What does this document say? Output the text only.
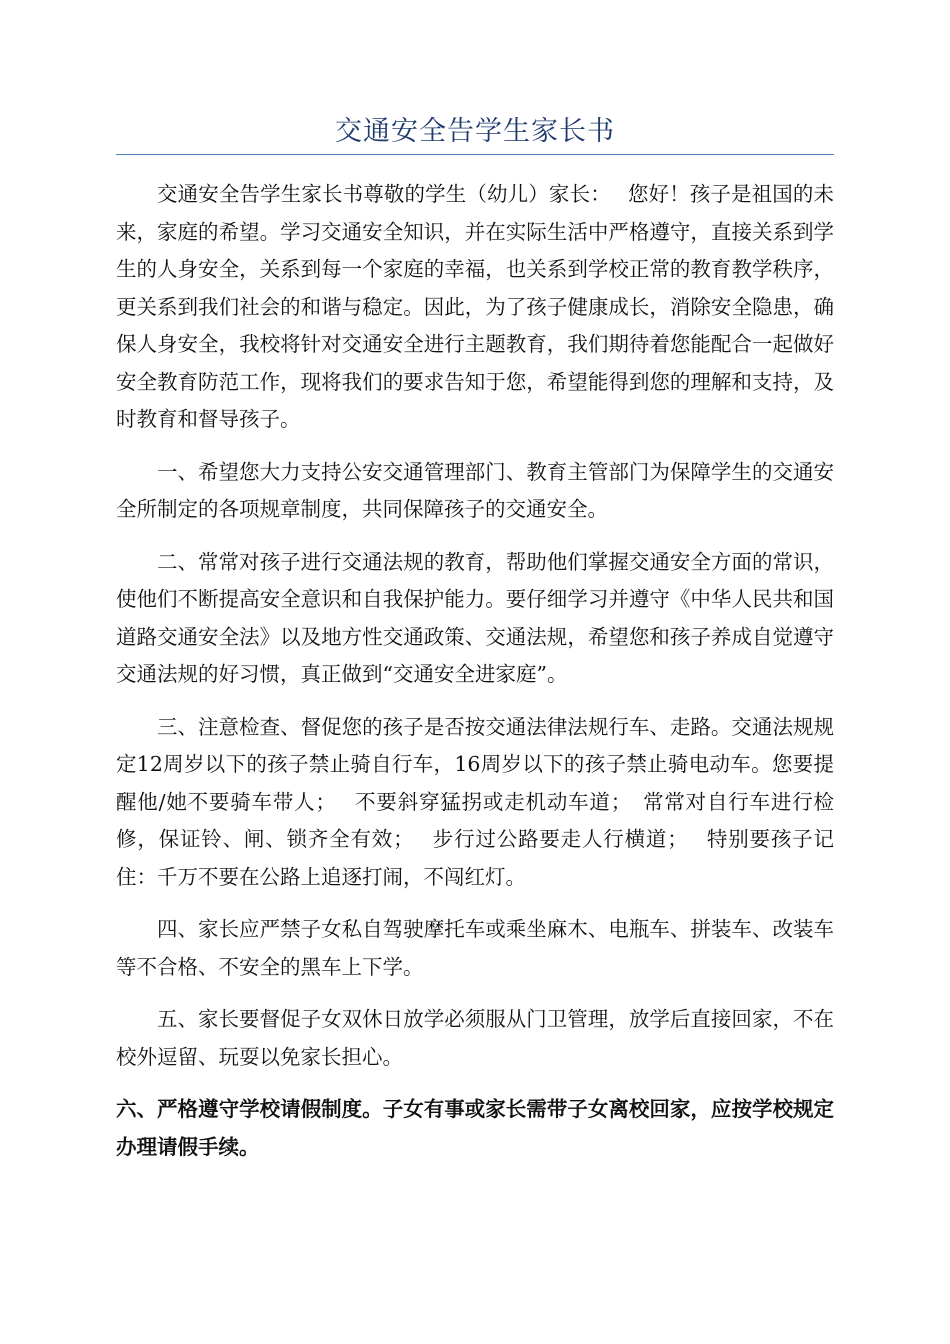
交通安全告学生家长书

交通安全告学生家长书尊敬的学生（幼儿）家长：　 您好！孩子是祖国的未来，家庭的希望。学习交通安全知识，并在实际生活中严格遵守，直接关系到学生的人身安全，关系到每一个家庭的幸福，也关系到学校正常的教育教学秩序，更关系到我们社会的和谐与稳定。因此，为了孩子健康成长，消除安全隐患，确保人身安全，我校将针对交通安全进行主题教育，我们期待着您能配合一起做好安全教育防范工作，现将我们的要求告知于您，希望能得到您的理解和支持，及时教育和督导孩子。

一、希望您大力支持公安交通管理部门、教育主管部门为保障学生的交通安全所制定的各项规章制度，共同保障孩子的交通安全。

二、常常对孩子进行交通法规的教育，帮助他们掌握交通安全方面的常识，使他们不断提高安全意识和自我保护能力。要仔细学习并遵守《中华人民共和国道路交通安全法》以及地方性交通政策、交通法规，希望您和孩子养成自觉遵守交通法规的好习惯，真正做到“交通安全进家庭”。

三、注意检查、督促您的孩子是否按交通法律法规行车、走路。交通法规规定12周岁以下的孩子禁止骑自行车，16周岁以下的孩子禁止骑电动车。您要提醒他/她不要骑车带人；　 不要斜穿猛拐或走机动车道；　常常对自行车进行检修，保证铃、闸、锁齐全有效；　 步行过公路要走人行横道；　 特别要孩子记住：千万不要在公路上追逐打闹，不闯红灯。

四、家长应严禁子女私自驾驶摩托车或乘坐麻木、电瓶车、拼装车、改装车等不合格、不安全的黑车上下学。

五、家长要督促子女双休日放学必须服从门卫管理，放学后直接回家，不在校外逗留、玩耍以免家长担心。

六、严格遵守学校请假制度。子女有事或家长需带子女离校回家，应按学校规定办理请假手续。
